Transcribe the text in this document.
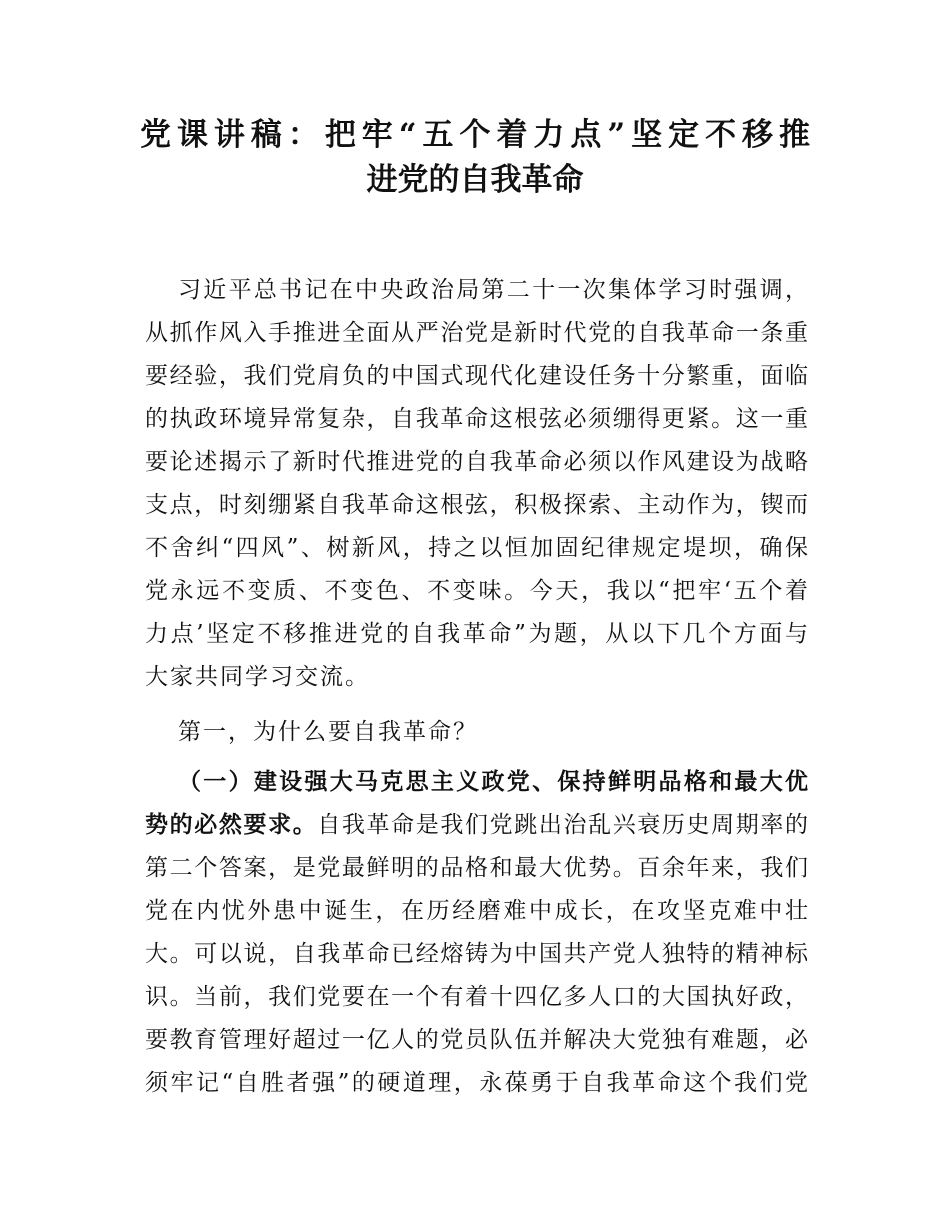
党课讲稿：把牢“五个着力点”坚定不移推
进党的自我革命
习近平总书记在中央政治局第二十一次集体学习时强调，
从抓作风入手推进全面从严治党是新时代党的自我革命一条重
要经验，我们党肩负的中国式现代化建设任务十分繁重，面临
的执政环境异常复杂，自我革命这根弦必须绷得更紧。这一重
要论述揭示了新时代推进党的自我革命必须以作风建设为战略
支点，时刻绷紧自我革命这根弦，积极探索、主动作为，锲而
不舍纠“四风”、树新风，持之以恒加固纪律规定堤坝，确保
党永远不变质、不变色、不变味。今天，我以“把牢‘五个着
力点’坚定不移推进党的自我革命”为题，从以下几个方面与
大家共同学习交流。
第一，为什么要自我革命？
（一）建设强大马克思主义政党、保持鲜明品格和最大优
势的必然要求。自我革命是我们党跳出治乱兴衰历史周期率的
第二个答案，是党最鲜明的品格和最大优势。百余年来，我们
党在内忧外患中诞生，在历经磨难中成长，在攻坚克难中壮
大。可以说，自我革命已经熔铸为中国共产党人独特的精神标
识。当前，我们党要在一个有着十四亿多人口的大国执好政，
要教育管理好超过一亿人的党员队伍并解决大党独有难题，必
须牢记“自胜者强”的硬道理，永葆勇于自我革命这个我们党
